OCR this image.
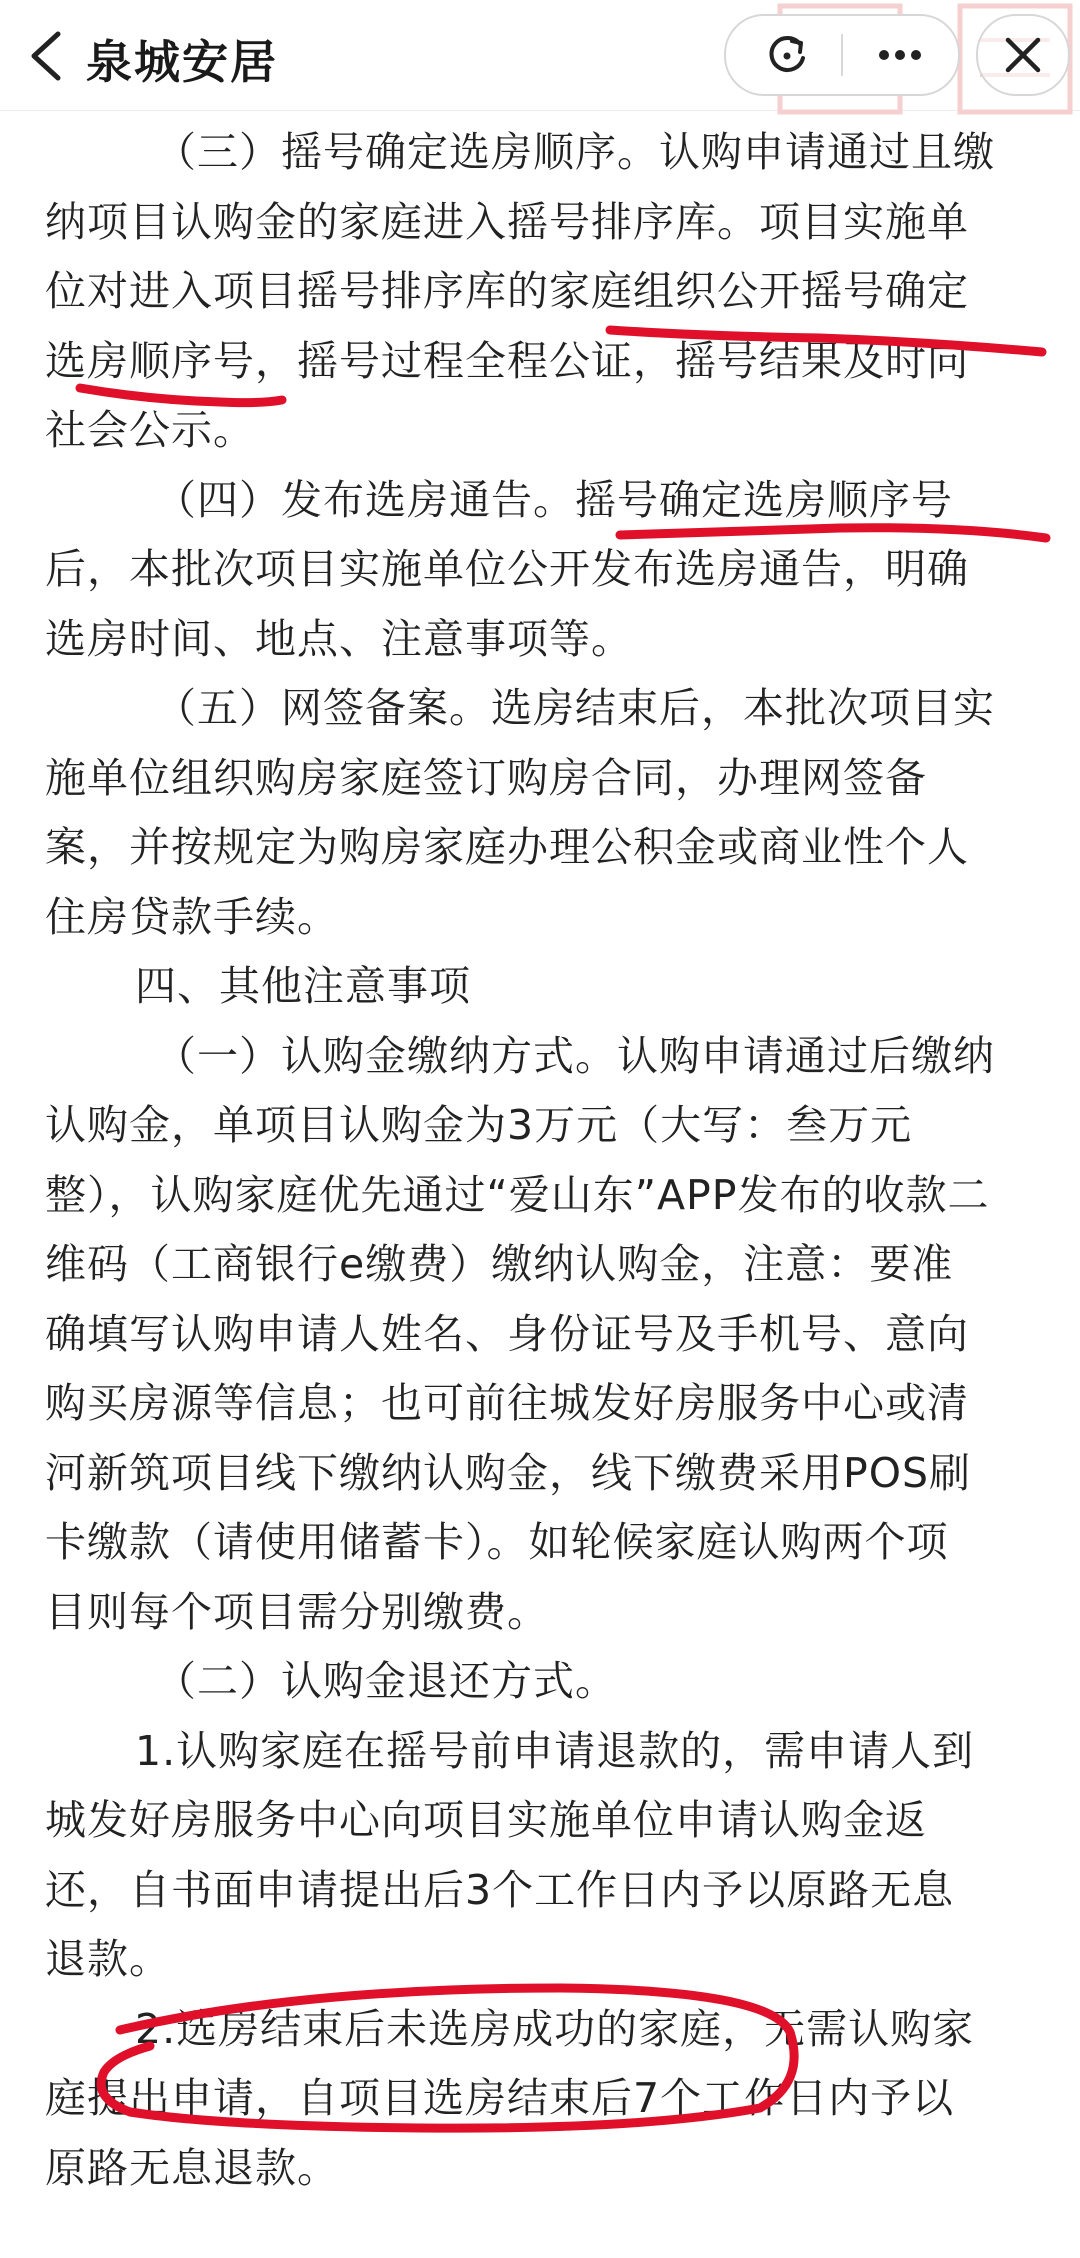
泉城安居
（三）摇号确定选房顺序。认购申请通过且缴
纳项目认购金的家庭进入摇号排序库。项目实施单
位对进入项目摇号排序库的家庭组织公开摇号确定
选房顺序号，摇号过程全程公证，摇号结果及时向
社会公示。
（四）发布选房通告。摇号确定选房顺序号
后，本批次项目实施单位公开发布选房通告，明确
选房时间、地点、注意事项等。
（五）网签备案。选房结束后，本批次项目实
施单位组织购房家庭签订购房合同，办理网签备
案，并按规定为购房家庭办理公积金或商业性个人
住房贷款手续。
四、其他注意事项
（一）认购金缴纳方式。认购申请通过后缴纳
认购金，单项目认购金为3万元（大写：叁万元
整），认购家庭优先通过“爱山东”APP发布的收款二
维码（工商银行e缴费）缴纳认购金，注意：要准
确填写认购申请人姓名、身份证号及手机号、意向
购买房源等信息；也可前往城发好房服务中心或清
河新筑项目线下缴纳认购金，线下缴费采用POS刷
卡缴款（请使用储蓄卡）。如轮候家庭认购两个项
目则每个项目需分别缴费。
（二）认购金退还方式。
1.认购家庭在摇号前申请退款的，需申请人到
城发好房服务中心向项目实施单位申请认购金返
还，自书面申请提出后3个工作日内予以原路无息
退款。
2.选房结束后未选房成功的家庭，无需认购家
庭提出申请，自项目选房结束后7个工作日内予以
原路无息退款。
